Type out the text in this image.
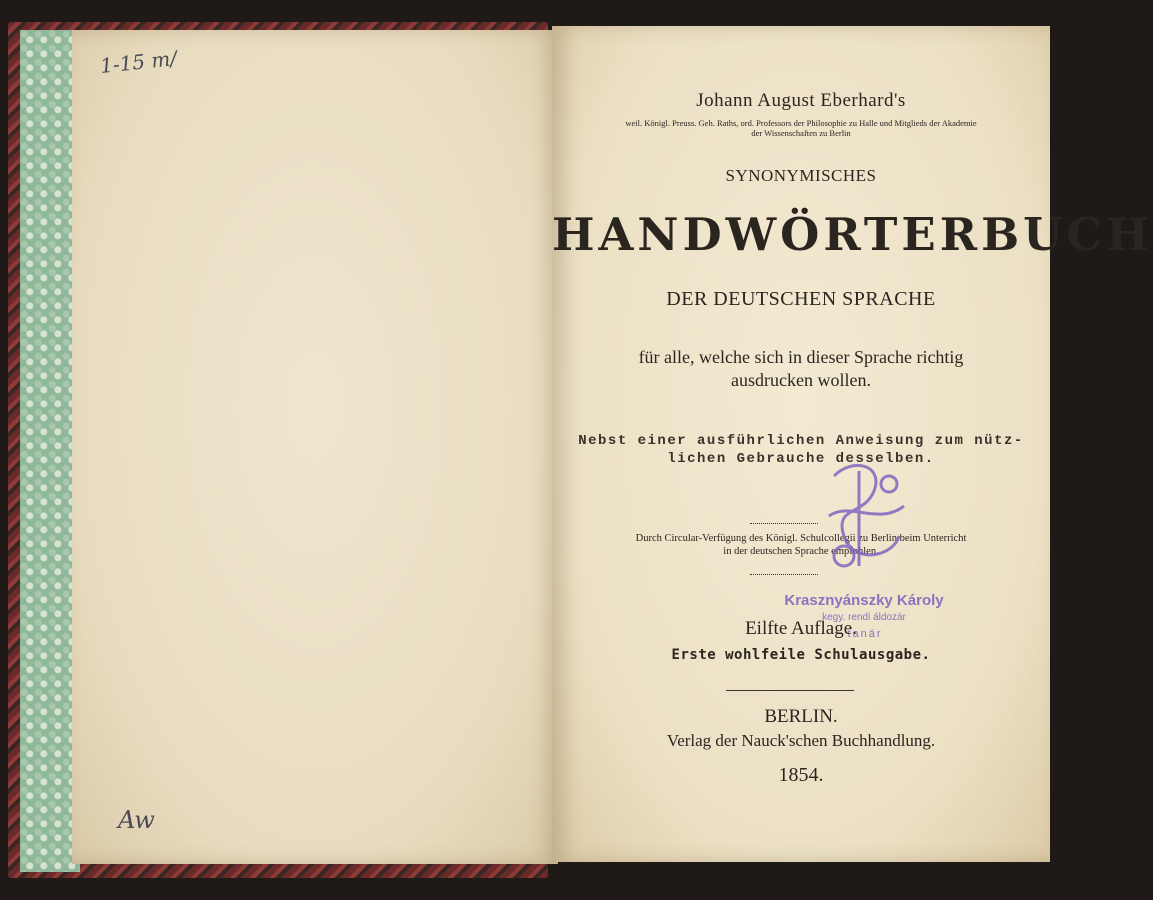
1-15 т/
Aw
Johann August Eberhard's
weil. Königl. Preuss. Geh. Raths, ord. Professors der Philosophie zu Halle und Mitglieds der Akademie
der Wissenschaften zu Berlin
SYNONYMISCHES
HANDWÖRTERBUCH
DER DEUTSCHEN SPRACHE
für alle, welche sich in dieser Sprache richtig
ausdrucken wollen.
Nebst einer ausführlichen Anweisung zum nütz-
lichen Gebrauche desselben.
Durch Circular-Verfügung des Königl. Schulcollegii zu Berlin beim Unterricht
in der deutschen Sprache empfohlen.
Krasznyánszky Károly
kegy. rendi áldozár
tanár
Eilfte Auflage.
Erste wohlfeile Schulausgabe.
BERLIN.
Verlag der Nauck'schen Buchhandlung.
1854.
